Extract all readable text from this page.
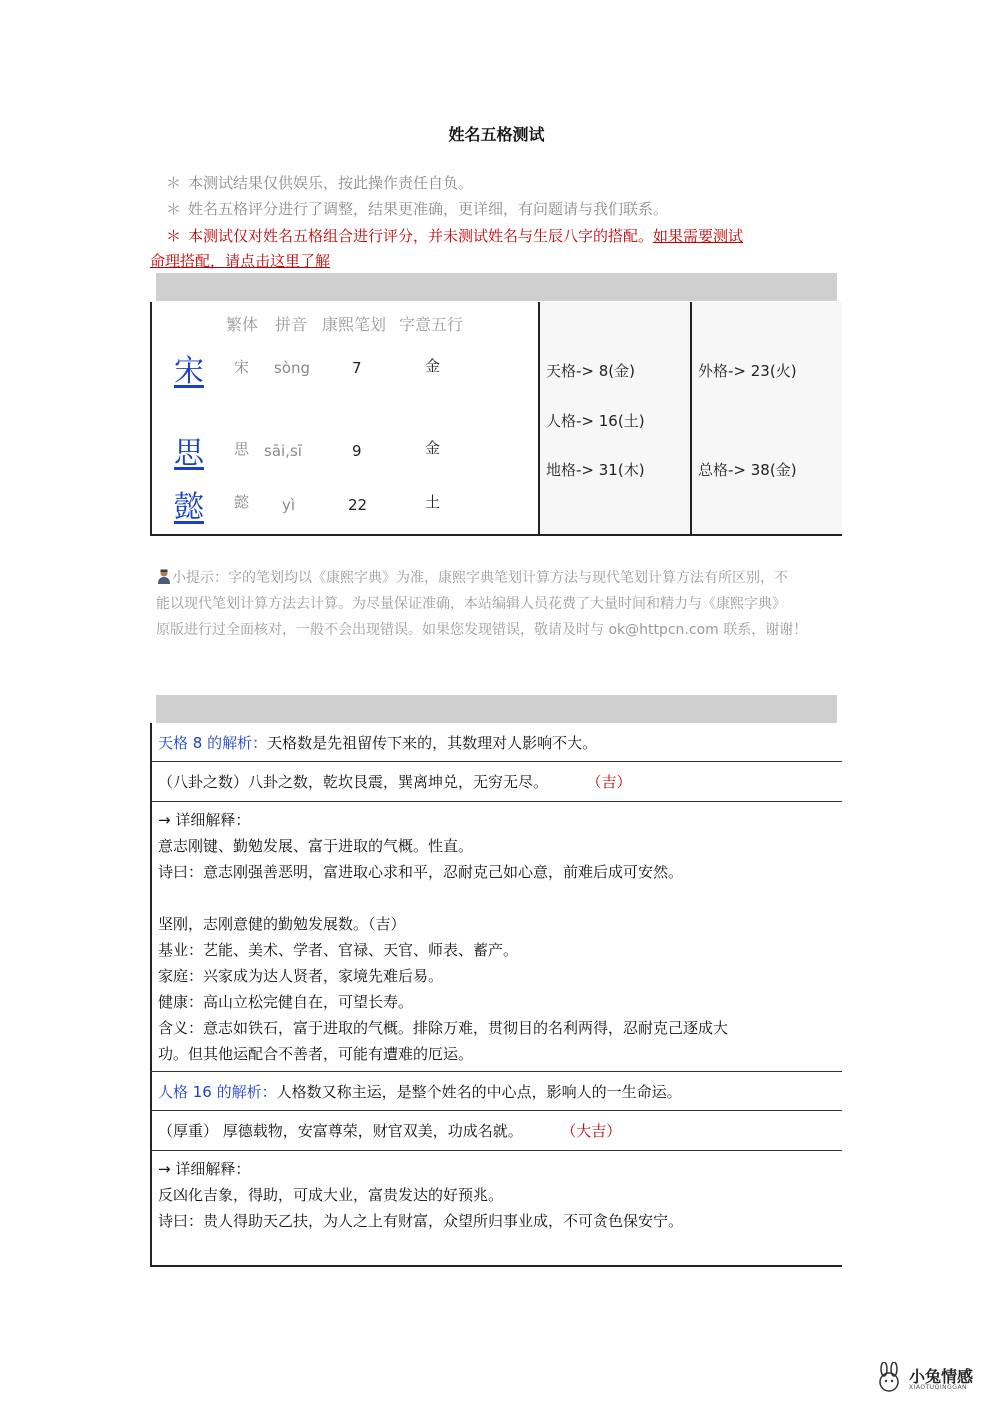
姓名五格测试
＊ 本测试结果仅供娱乐，按此操作责任自负。
＊ 姓名五格评分进行了调整，结果更准确，更详细，有问题请与我们联系。
＊ 本测试仅对姓名五格组合进行评分，并未测试姓名与生辰八字的搭配。如果需要测试
命理搭配，请点击这里了解
繁体 拼音 康熙笔划 字意五行
宋 宋 sòng	7	金
思 思 sāi,sī	9	金
懿 懿 yì	22	土
天格-> 8(金)
人格-> 16(土)
地格-> 31(木)
外格-> 23(火)
总格-> 38(金)
小提示：字的笔划均以《康熙字典》为准，康熙字典笔划计算方法与现代笔划计算方法有所区别，不
能以现代笔划计算方法去计算。为尽量保证准确，本站编辑人员花费了大量时间和精力与《康熙字典》
原版进行过全面核对，一般不会出现错误。如果您发现错误，敬请及时与 ok@httpcn.com 联系，谢谢！
天格 8 的解析：天格数是先祖留传下来的，其数理对人影响不大。
（八卦之数）八卦之数，乾坎艮震，巽离坤兑，无穷无尽。	（吉）
→ 详细解释：
意志刚键、勤勉发展、富于进取的气概。性直。
诗曰：意志刚强善恶明，富进取心求和平，忍耐克己如心意，前难后成可安然。
坚刚，志刚意健的勤勉发展数。（吉）
基业：艺能、美术、学者、官禄、天官、师表、蓄产。
家庭：兴家成为达人贤者，家境先难后易。
健康：高山立松完健自在，可望长寿。
含义：意志如铁石，富于进取的气概。排除万难，贯彻目的名利两得，忍耐克己逐成大
功。但其他运配合不善者，可能有遭难的厄运。
人格 16 的解析：人格数又称主运，是整个姓名的中心点，影响人的一生命运。
（厚重） 厚德载物，安富尊荣，财官双美，功成名就。	（大吉）
→ 详细解释：
反凶化吉象，得助，可成大业，富贵发达的好预兆。
诗曰：贵人得助天乙扶，为人之上有财富，众望所归事业成，不可贪色保安宁。
小兔情感
XIAOTUQINGGAN
